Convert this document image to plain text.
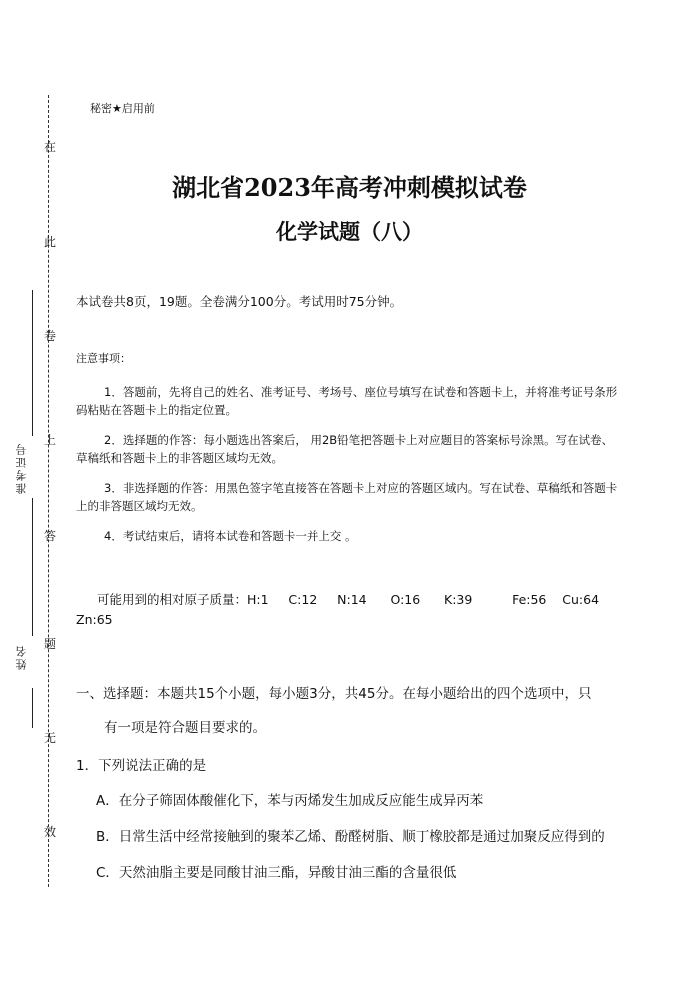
在
此
卷
上
答
题
无
效
准考证号
姓名
秘密★启用前
湖北省2023年高考冲刺模拟试卷
化学试题（八）
本试卷共8页，19题。全卷满分100分。考试用时75分钟。
注意事项：
1．答题前，先将自己的姓名、准考证号、考场号、座位号填写在试卷和答题卡上，并将准考证号条形码粘贴在答题卡上的指定位置。
2．选择题的作答：每小题选出答案后， 用2B铅笔把答题卡上对应题目的答案标号涂黑。写在试卷、草稿纸和答题卡上的非答题区域均无效。
3．非选择题的作答：用黑色签字笔直接答在答题卡上对应的答题区域内。写在试卷、草稿纸和答题卡上的非答题区域均无效。
4．考试结束后，请将本试卷和答题卡一并上交 。
可能用到的相对原子质量：H:1     C:12     N:14      O:16      K:39          Fe:56    Cu:64
Zn:65
一、选择题：本题共15个小题，每小题3分，共45分。在每小题给出的四个选项中，只
有一项是符合题目要求的。
1．下列说法正确的是
A．在分子筛固体酸催化下，苯与丙烯发生加成反应能生成异丙苯
B．日常生活中经常接触到的聚苯乙烯、酚醛树脂、顺丁橡胶都是通过加聚反应得到的
C．天然油脂主要是同酸甘油三酯，异酸甘油三酯的含量很低
